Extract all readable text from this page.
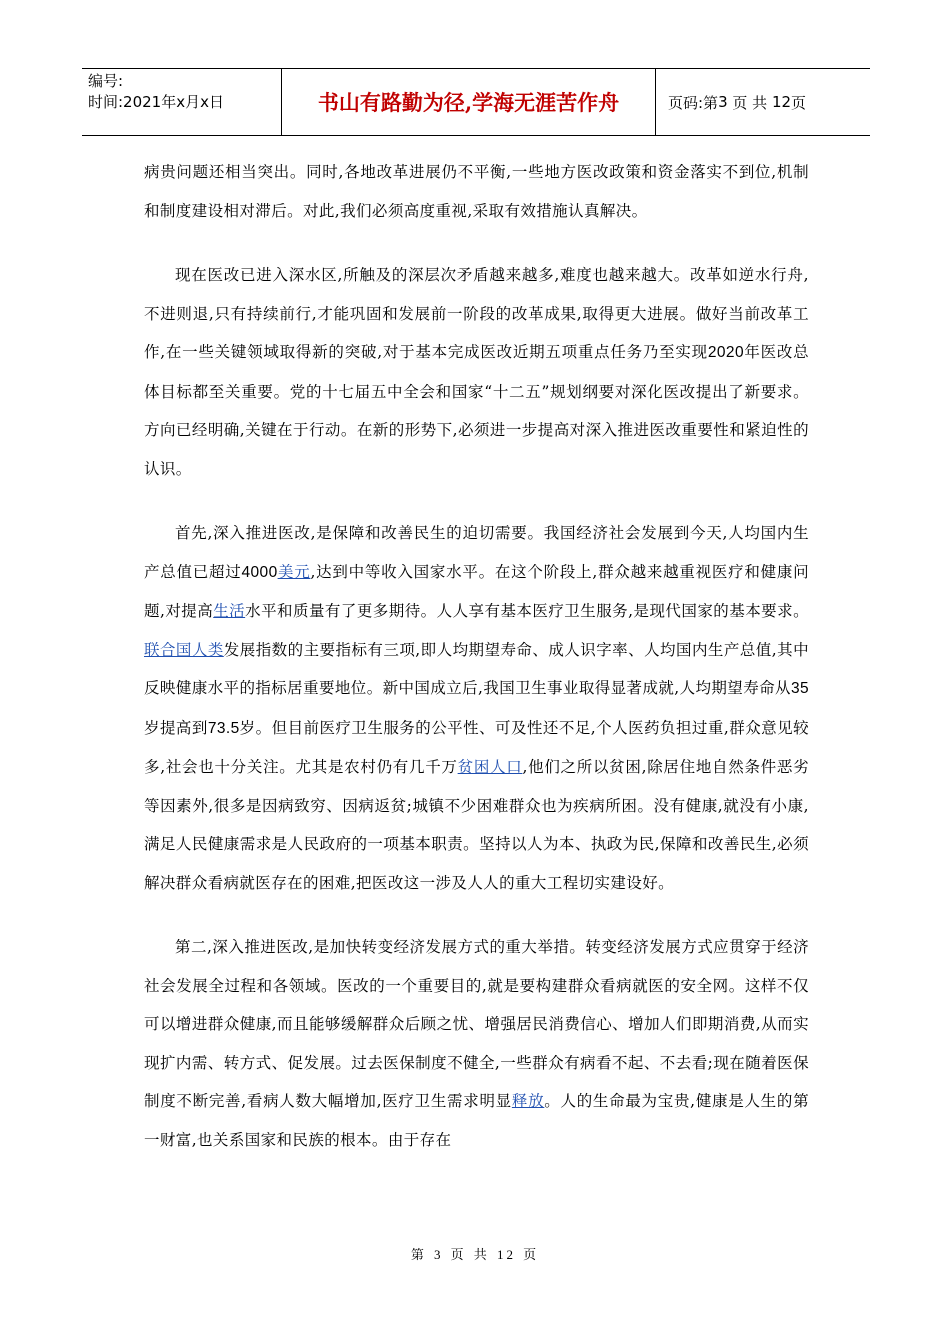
编号:
时间:2021年x月x日	书山有路勤为径,学海无涯苦作舟	页码:第 3
页 共
12 页

病贵问题还相当突出。同时,各地改革进展仍不平衡,一些地方医改政策和资金落实不到位,机制和制度建设相对滞后。对此,我们必须高度重视,采取有效措施认真解决。

现在医改已进入深水区,所触及的深层次矛盾越来越多,难度也越来越大。改革如逆水行舟,不进则退,只有持续前行,才能巩固和发展前一阶段的改革成果,取得更大进展。做好当前改革工作,在一些关键领域取得新的突破,对于基本完成医改近期五项重点任务乃至实现2020年医改总体目标都至关重要。党的十七届五中全会和国家“十二五”规划纲要对深化医改提出了新要求。方向已经明确,关键在于行动。在新的形势下,必须进一步提高对深入推进医改重要性和紧迫性的认识。

首先,深入推进医改,是保障和改善民生的迫切需要。我国经济社会发展到今天,人均国内生产总值已超过4000美元,达到中等收入国家水平。在这个阶段上,群众越来越重视医疗和健康问题,对提高生活水平和质量有了更多期待。人人享有基本医疗卫生服务,是现代国家的基本要求。联合国人类发展指数的主要指标有三项,即人均期望寿命、成人识字率、人均国内生产总值,其中反映健康水平的指标居重要地位。新中国成立后,我国卫生事业取得显著成就,人均期望寿命从35岁提高到73.5岁。但目前医疗卫生服务的公平性、可及性还不足,个人医药负担过重,群众意见较多,社会也十分关注。尤其是农村仍有几千万贫困人口,他们之所以贫困,除居住地自然条件恶劣等因素外,很多是因病致穷、因病返贫;城镇不少困难群众也为疾病所困。没有健康,就没有小康,满足人民健康需求是人民政府的一项基本职责。坚持以人为本、执政为民,保障和改善民生,必须解决群众看病就医存在的困难,把医改这一涉及人人的重大工程切实建设好。

第二,深入推进医改,是加快转变经济发展方式的重大举措。转变经济发展方式应贯穿于经济社会发展全过程和各领域。医改的一个重要目的,就是要构建群众看病就医的安全网。这样不仅可以增进群众健康,而且能够缓解群众后顾之忧、增强居民消费信心、增加人们即期消费,从而实现扩内需、转方式、促发展。过去医保制度不健全,一些群众有病看不起、不去看;现在随着医保制度不断完善,看病人数大幅增加,医疗卫生需求明显释放。人的生命最为宝贵,健康是人生的第一财富,也关系国家和民族的根本。由于存在

第 3 页 共 12 页
